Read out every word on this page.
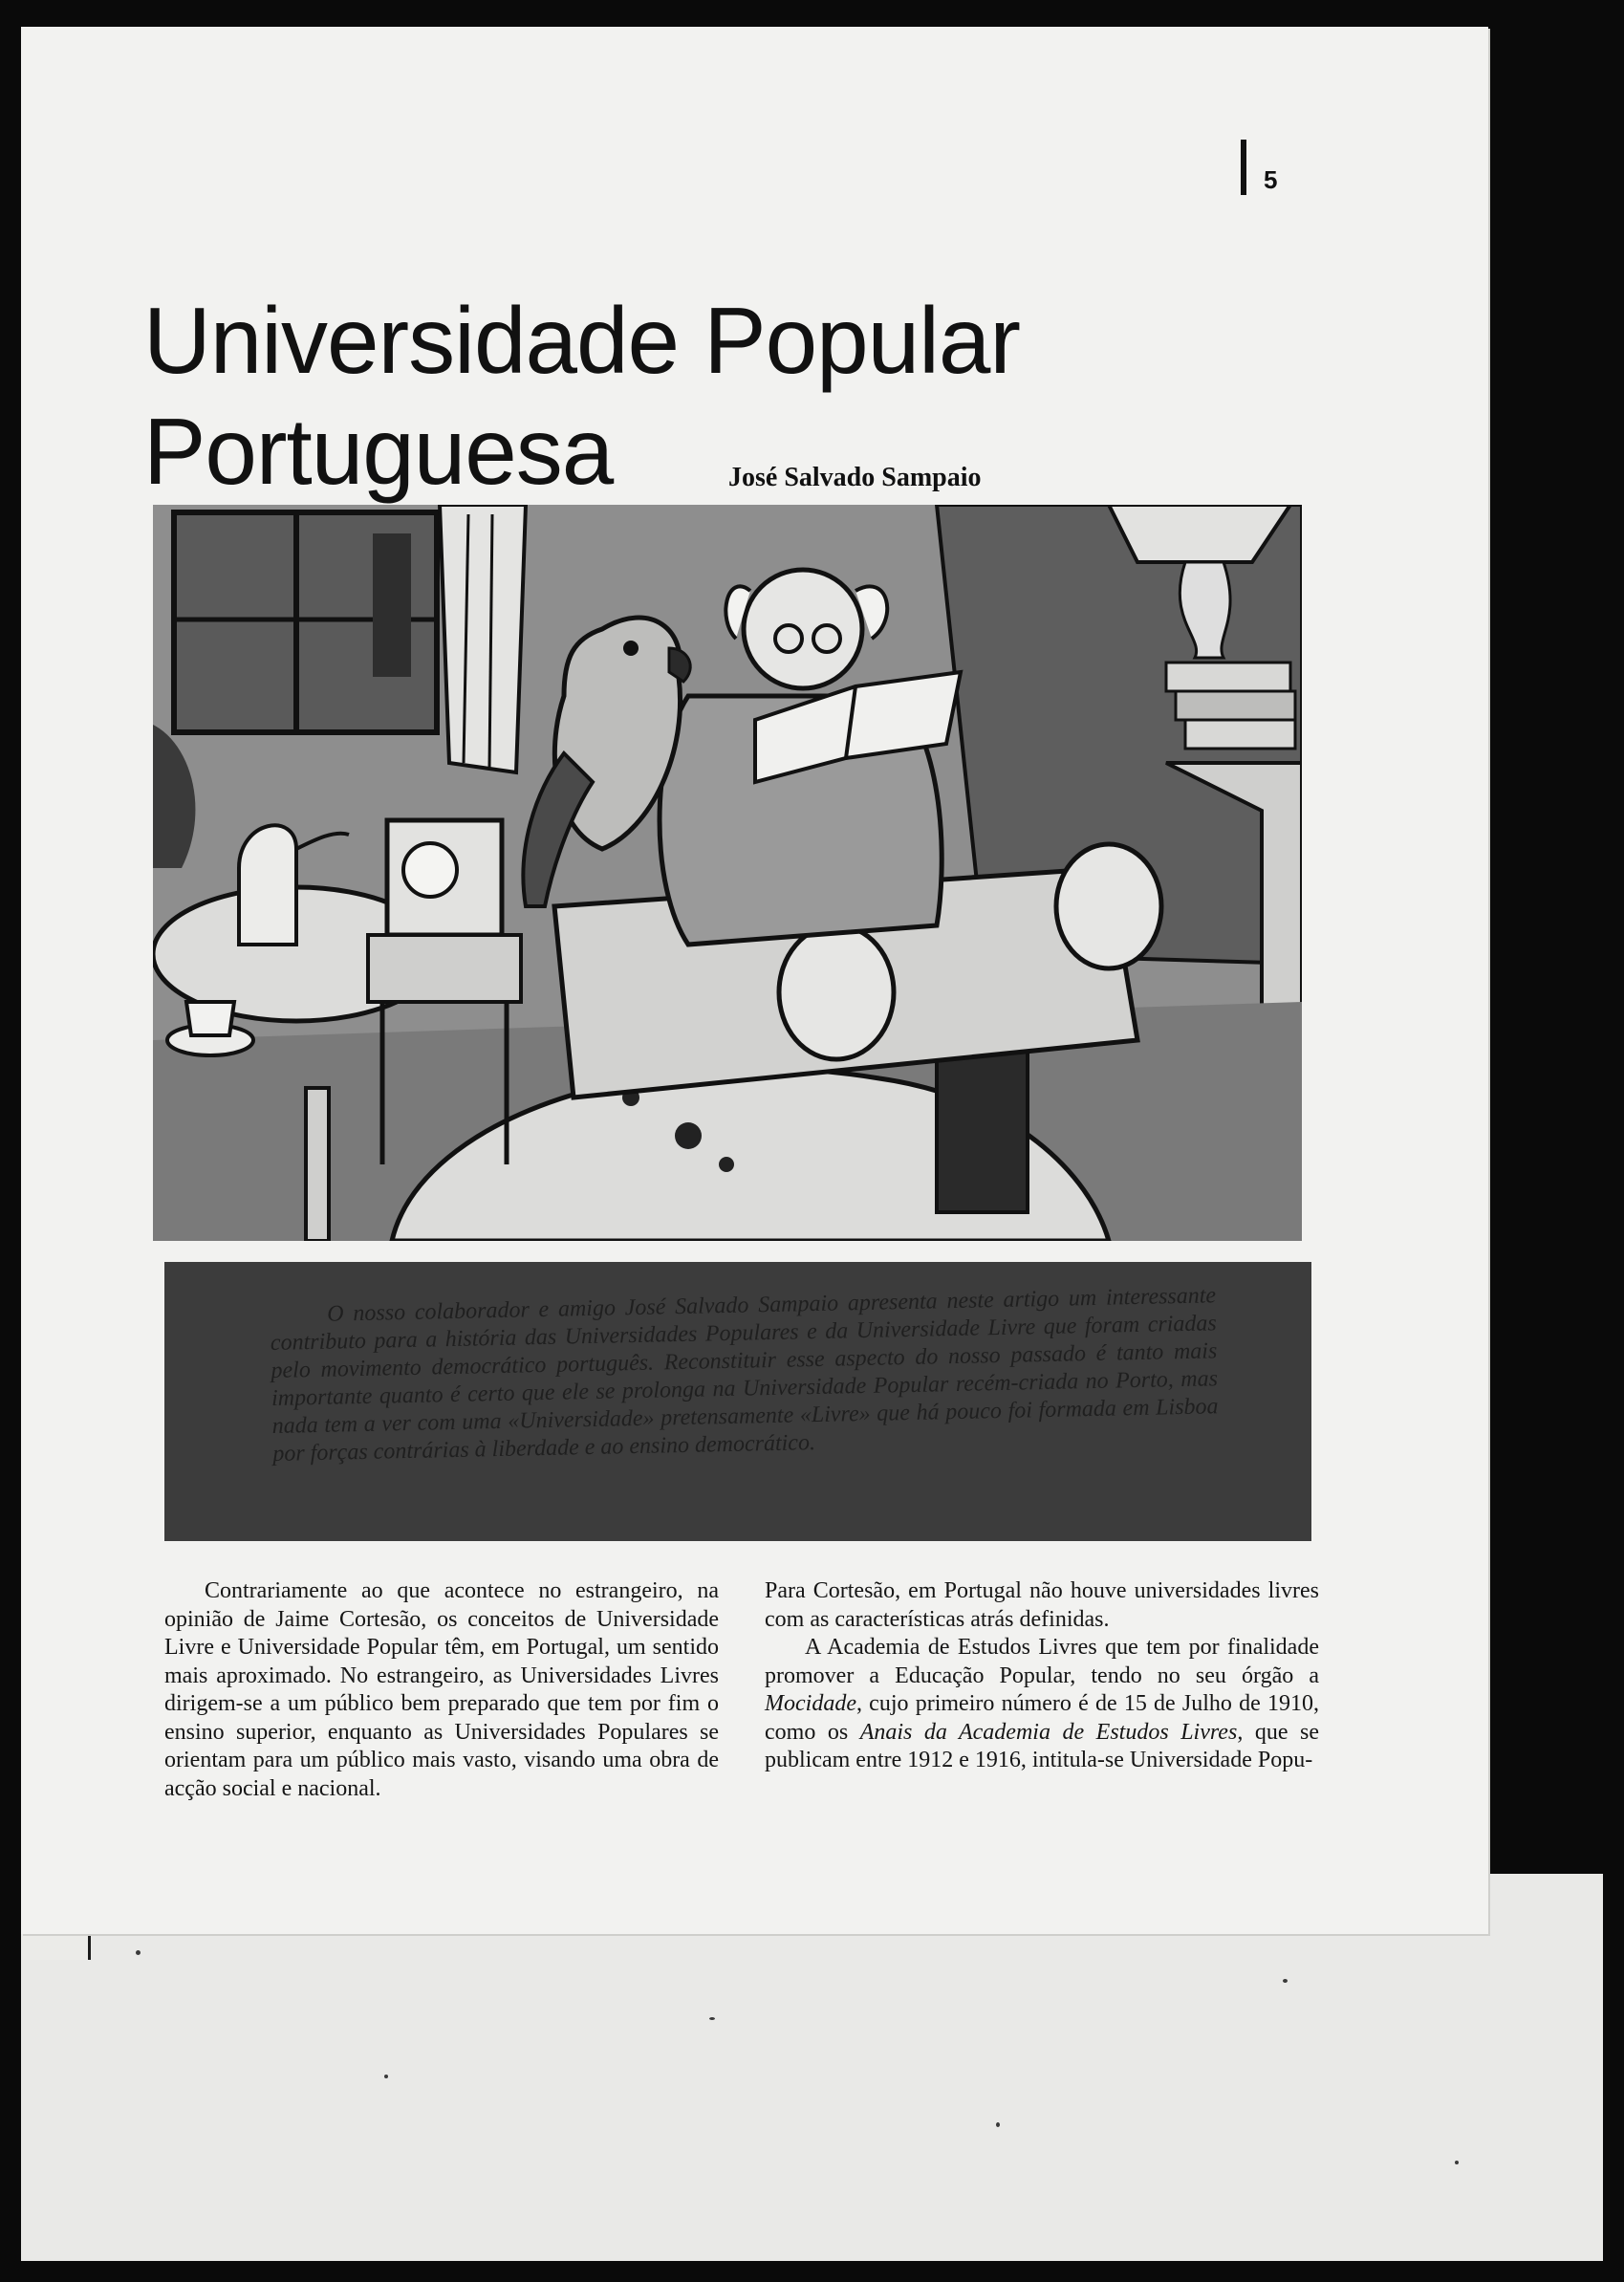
5
Universidade Popular
Portuguesa	José Salvado Sampaio

O nosso colaborador e amigo José Salvado Sampaio apresenta neste artigo um interessante contributo para a história das Universidades Populares e da Universidade Livre que foram criadas pelo movimento democrático português. Reconstituir esse aspecto do nosso passado é tanto mais importante quanto é certo que ele se prolonga na Universidade Popular recém-criada no Porto, mas nada tem a ver com uma «Universidade» pretensamente «Livre» que há pouco foi formada em Lisboa por forças contrárias à liberdade e ao ensino democrático.

Contrariamente ao que acontece no estrangeiro, na opinião de Jaime Cortesão, os conceitos de Universidade Livre e Universidade Popular têm, em Portugal, um sentido mais aproximado. No estrangeiro, as Universidades Livres dirigem-se a um público bem preparado que tem por fim o ensino superior, enquanto as Universidades Populares se orientam para um público mais vasto, visando uma obra de acção social e nacional.

Para Cortesão, em Portugal não houve universidades livres com as características atrás definidas.

A Academia de Estudos Livres que tem por finalidade promover a Educação Popular, tendo no seu órgão a Mocidade, cujo primeiro número é de 15 de Julho de 1910, como os Anais da Academia de Estudos Livres, que se publicam entre 1912 e 1916, intitula-se Universidade Popu-
